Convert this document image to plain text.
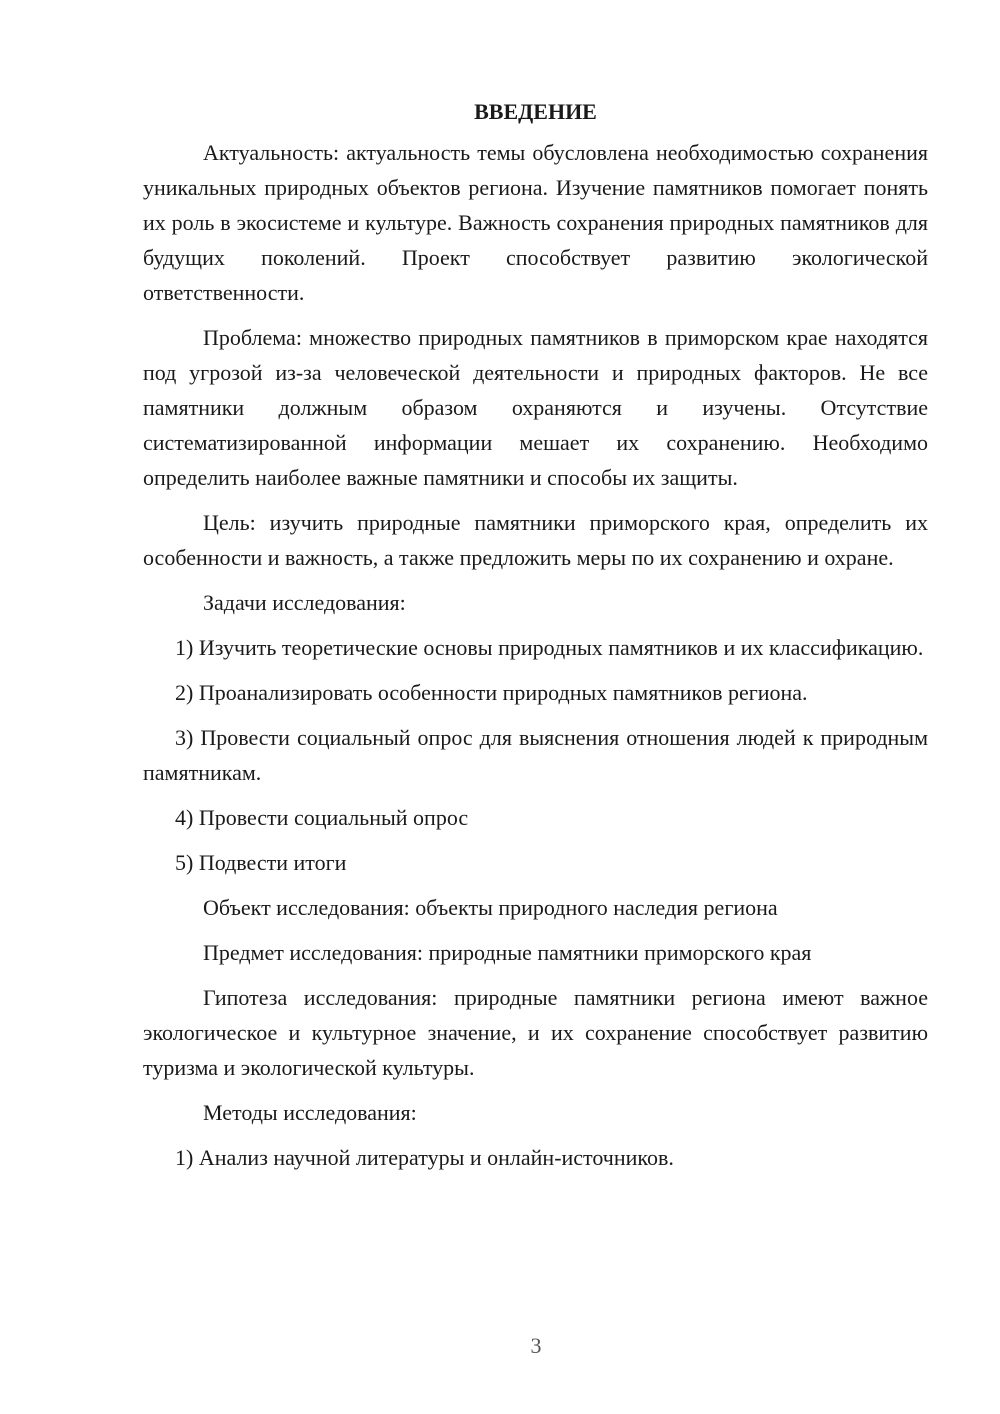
ВВЕДЕНИЕ

Актуальность: актуальность темы обусловлена необходимостью сохранения уникальных природных объектов региона. Изучение памятников помогает понять их роль в экосистеме и культуре. Важность сохранения природных памятников для будущих поколений. Проект способствует развитию экологической ответственности.

Проблема: множество природных памятников в приморском крае находятся под угрозой из-за человеческой деятельности и природных факторов. Не все памятники должным образом охраняются и изучены. Отсутствие систематизированной информации мешает их сохранению. Необходимо определить наиболее важные памятники и способы их защиты.

Цель: изучить природные памятники приморского края, определить их особенности и важность, а также предложить меры по их сохранению и охране.

Задачи исследования:

1) Изучить теоретические основы природных памятников и их классификацию.

2) Проанализировать особенности природных памятников региона.

3) Провести социальный опрос для выяснения отношения людей к природным памятникам.

4) Провести социальный опрос

5) Подвести итоги

Объект исследования: объекты природного наследия региона

Предмет исследования: природные памятники приморского края

Гипотеза исследования: природные памятники региона имеют важное экологическое и культурное значение, и их сохранение способствует развитию туризма и экологической культуры.

Методы исследования:

1) Анализ научной литературы и онлайн-источников.

3
